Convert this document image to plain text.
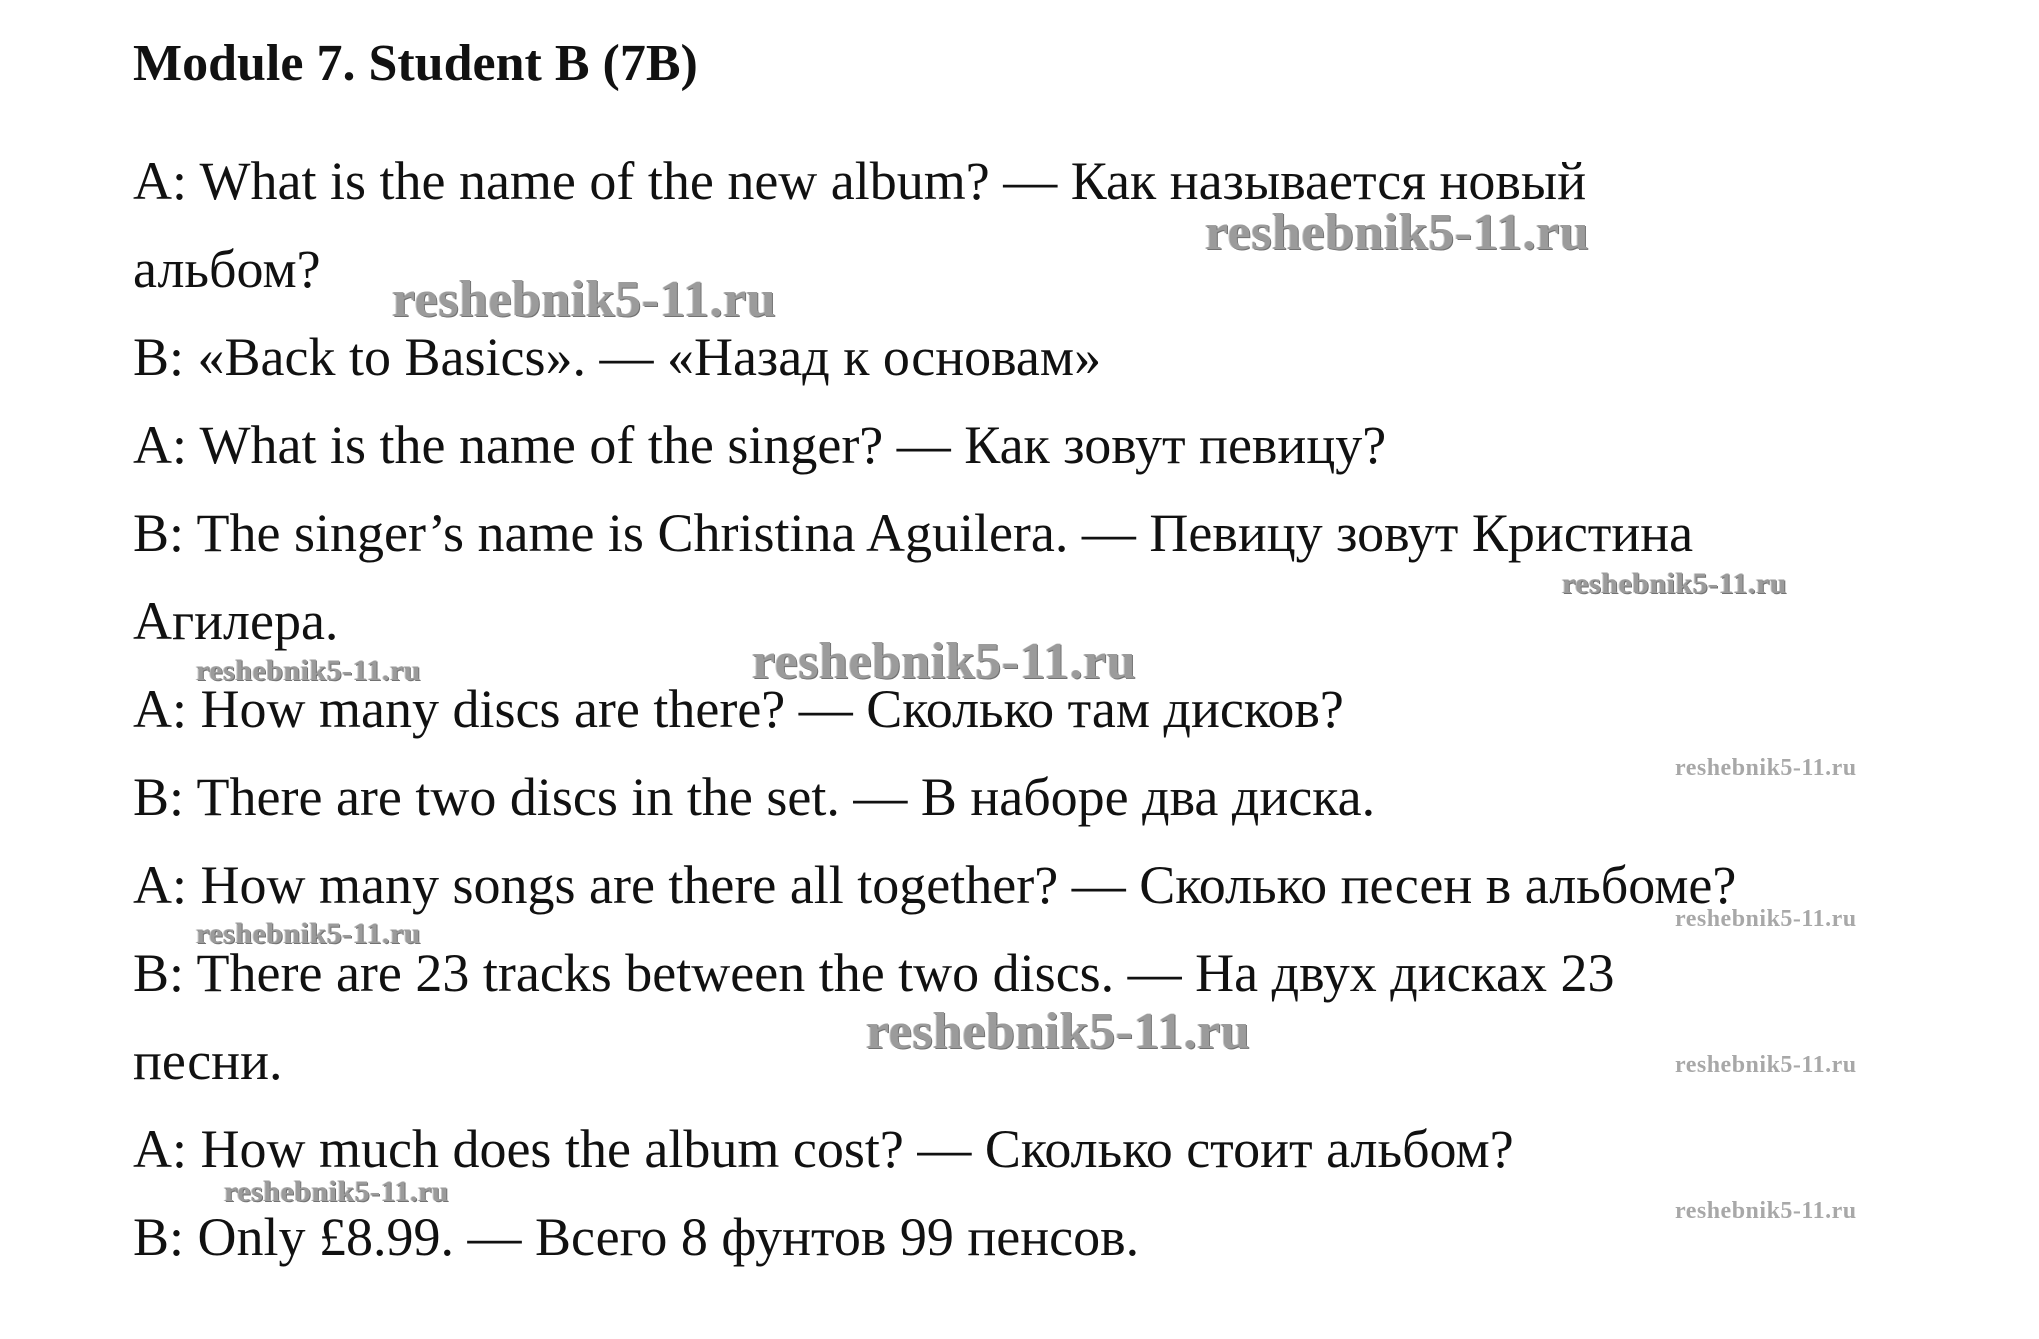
Module 7. Student B (7B)
A: What is the name of the new album? — Как называется новый
альбом?
B: «Back to Basics». — «Назад к основам»
A: What is the name of the singer? — Как зовут певицу?
B: The singer’s name is Christina Aguilera. — Певицу зовут Кристина
Агилера.
A: How many discs are there? — Сколько там дисков?
B: There are two discs in the set. — В наборе два диска.
A: How many songs are there all together? — Сколько песен в альбоме?
B: There are 23 tracks between the two discs. — На двух дисках 23
песни.
A: How much does the album cost? — Сколько стоит альбом?
B: Only £8.99. — Всего 8 фунтов 99 пенсов.
reshebnik5-11.ru
reshebnik5-11.ru
reshebnik5-11.ru
reshebnik5-11.ru	reshebnik5-11.ru
reshebnik5-11.ru
reshebnik5-11.ru
reshebnik5-11.ru
reshebnik5-11.ru
reshebnik5-11.ru
reshebnik5-11.ru
reshebnik5-11.ru
